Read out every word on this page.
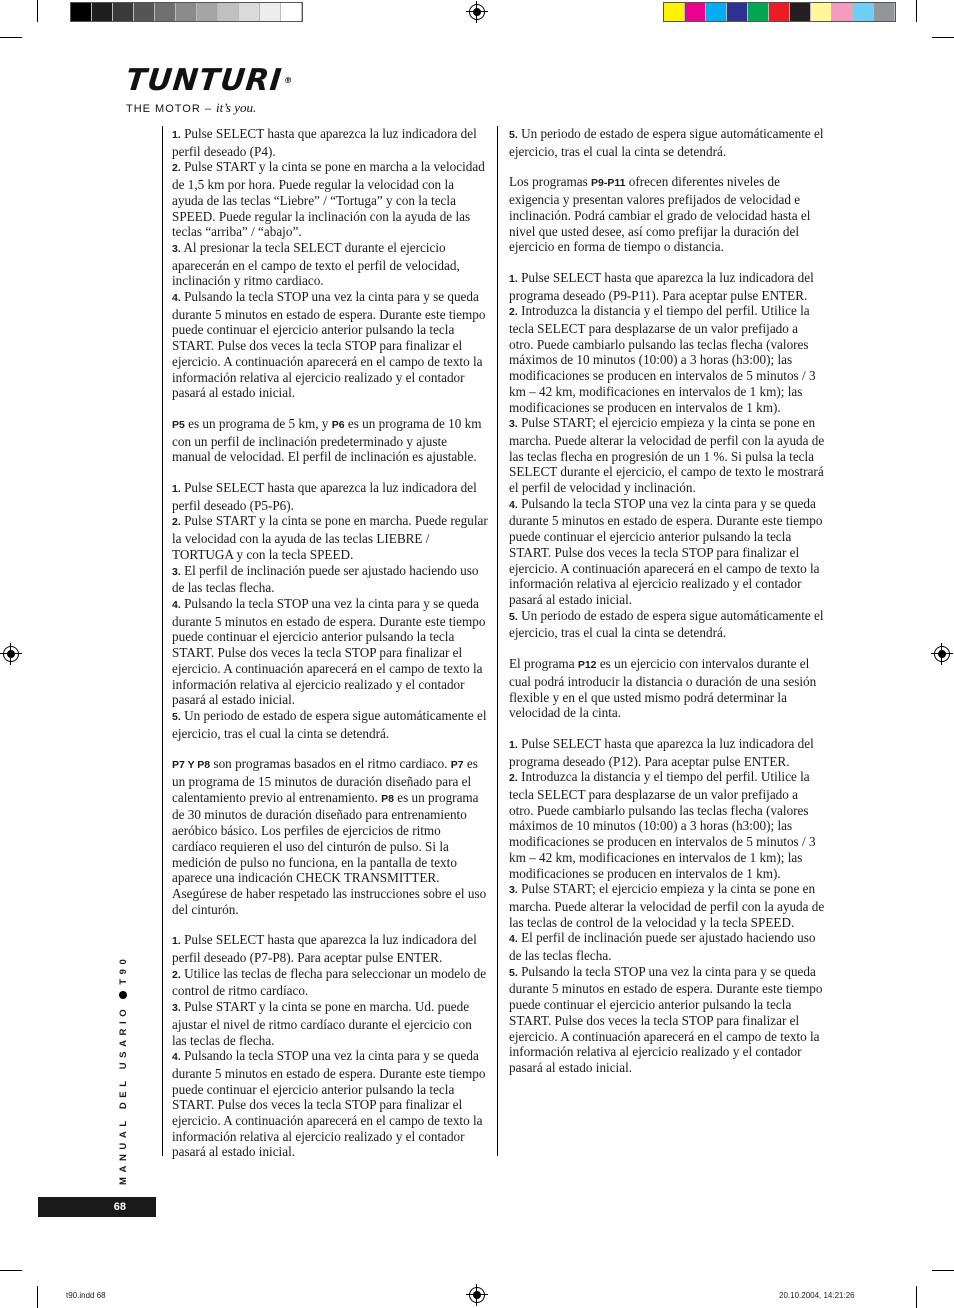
TUNTURI®
THE MOTOR – it’s you.
1. Pulse SELECT hasta que aparezca la luz indicadora del perfil deseado (P4).
2. Pulse START y la cinta se pone en marcha a la velocidad de 1,5 km por hora. Puede regular la velocidad con la ayuda de las teclas “Liebre” / “Tortuga” y con la tecla SPEED. Puede regular la inclinación con la ayuda de las teclas “arriba” / “abajo”.
3. Al presionar la tecla SELECT durante el ejercicio aparecerán en el campo de texto el perfil de velocidad, inclinación y ritmo cardiaco.
4. Pulsando la tecla STOP una vez la cinta para y se queda durante 5 minutos en estado de espera. Durante este tiempo puede continuar el ejercicio anterior pulsando la tecla START. Pulse dos veces la tecla STOP para finalizar el ejercicio. A continuación aparecerá en el campo de texto la información relativa al ejercicio realizado y el contador pasará al estado inicial.
P5 es un programa de 5 km, y P6 es un programa de 10 km con un perfil de inclinación predeterminado y ajuste manual de velocidad. El perfil de inclinación es ajustable.
1. Pulse SELECT hasta que aparezca la luz indicadora del perfil deseado (P5-P6).
2. Pulse START y la cinta se pone en marcha. Puede regular la velocidad con la ayuda de las teclas LIEBRE / TORTUGA y con la tecla SPEED.
3. El perfil de inclinación puede ser ajustado haciendo uso de las teclas flecha.
4. Pulsando la tecla STOP una vez la cinta para y se queda durante 5 minutos en estado de espera. Durante este tiempo puede continuar el ejercicio anterior pulsando la tecla START. Pulse dos veces la tecla STOP para finalizar el ejercicio. A continuación aparecerá en el campo de texto la información relativa al ejercicio realizado y el contador pasará al estado inicial.
5. Un periodo de estado de espera sigue automáticamente el ejercicio, tras el cual la cinta se detendrá.
P7 Y P8 son programas basados en el ritmo cardiaco. P7 es un programa de 15 minutos de duración diseñado para el calentamiento previo al entrenamiento. P8 es un programa de 30 minutos de duración diseñado para entrenamiento aeróbico básico. Los perfiles de ejercicios de ritmo cardíaco requieren el uso del cinturón de pulso. Si la medición de pulso no funciona, en la pantalla de texto aparece una indicación CHECK TRANSMITTER. Asegúrese de haber respetado las instrucciones sobre el uso del cinturón.
1. Pulse SELECT hasta que aparezca la luz indicadora del perfil deseado (P7-P8). Para aceptar pulse ENTER.
2. Utilice las teclas de flecha para seleccionar un modelo de control de ritmo cardíaco.
3. Pulse START y la cinta se pone en marcha. Ud. puede ajustar el nivel de ritmo cardíaco durante el ejercicio con las teclas de flecha.
4. Pulsando la tecla STOP una vez la cinta para y se queda durante 5 minutos en estado de espera. Durante este tiempo puede continuar el ejercicio anterior pulsando la tecla START. Pulse dos veces la tecla STOP para finalizar el ejercicio. A continuación aparecerá en el campo de texto la información relativa al ejercicio realizado y el contador pasará al estado inicial.
5. Un periodo de estado de espera sigue automáticamente el ejercicio, tras el cual la cinta se detendrá.
Los programas P9-P11 ofrecen diferentes niveles de exigencia y presentan valores prefijados de velocidad e inclinación. Podrá cambiar el grado de velocidad hasta el nivel que usted desee, así como prefijar la duración del ejercicio en forma de tiempo o distancia.
1. Pulse SELECT hasta que aparezca la luz indicadora del programa deseado (P9-P11). Para aceptar pulse ENTER.
2. Introduzca la distancia y el tiempo del perfil. Utilice la tecla SELECT para desplazarse de un valor prefijado a otro. Puede cambiarlo pulsando las teclas flecha (valores máximos de 10 minutos (10:00) a 3 horas (h3:00); las modificaciones se producen en intervalos de 5 minutos / 3 km – 42 km, modificaciones en intervalos de 1 km); las modificaciones se producen en intervalos de 1 km).
3. Pulse START; el ejercicio empieza y la cinta se pone en marcha. Puede alterar la velocidad de perfil con la ayuda de las teclas flecha en progresión de un 1 %. Si pulsa la tecla SELECT durante el ejercicio, el campo de texto le mostrará el perfil de velocidad y inclinación.
4. Pulsando la tecla STOP una vez la cinta para y se queda durante 5 minutos en estado de espera. Durante este tiempo puede continuar el ejercicio anterior pulsando la tecla START. Pulse dos veces la tecla STOP para finalizar el ejercicio. A continuación aparecerá en el campo de texto la información relativa al ejercicio realizado y el contador pasará al estado inicial.
5. Un periodo de estado de espera sigue automáticamente el ejercicio, tras el cual la cinta se detendrá.
El programa P12 es un ejercicio con intervalos durante el cual podrá introducir la distancia o duración de una sesión flexible y en el que usted mismo podrá determinar la velocidad de la cinta.
1. Pulse SELECT hasta que aparezca la luz indicadora del programa deseado (P12). Para aceptar pulse ENTER.
2. Introduzca la distancia y el tiempo del perfil. Utilice la tecla SELECT para desplazarse de un valor prefijado a otro. Puede cambiarlo pulsando las teclas flecha (valores máximos de 10 minutos (10:00) a 3 horas (h3:00); las modificaciones se producen en intervalos de 5 minutos / 3 km – 42 km, modificaciones en intervalos de 1 km); las modificaciones se producen en intervalos de 1 km).
3. Pulse START; el ejercicio empieza y la cinta se pone en marcha. Puede alterar la velocidad de perfil con la ayuda de las teclas de control de la velocidad y la tecla SPEED.
4. El perfil de inclinación puede ser ajustado haciendo uso de las teclas flecha.
5. Pulsando la tecla STOP una vez la cinta para y se queda durante 5 minutos en estado de espera. Durante este tiempo puede continuar el ejercicio anterior pulsando la tecla START. Pulse dos veces la tecla STOP para finalizar el ejercicio. A continuación aparecerá en el campo de texto la información relativa al ejercicio realizado y el contador pasará al estado inicial.
MANUAL DEL USARIOT90
68
t90.indd 68	20.10.2004, 14:21:26
